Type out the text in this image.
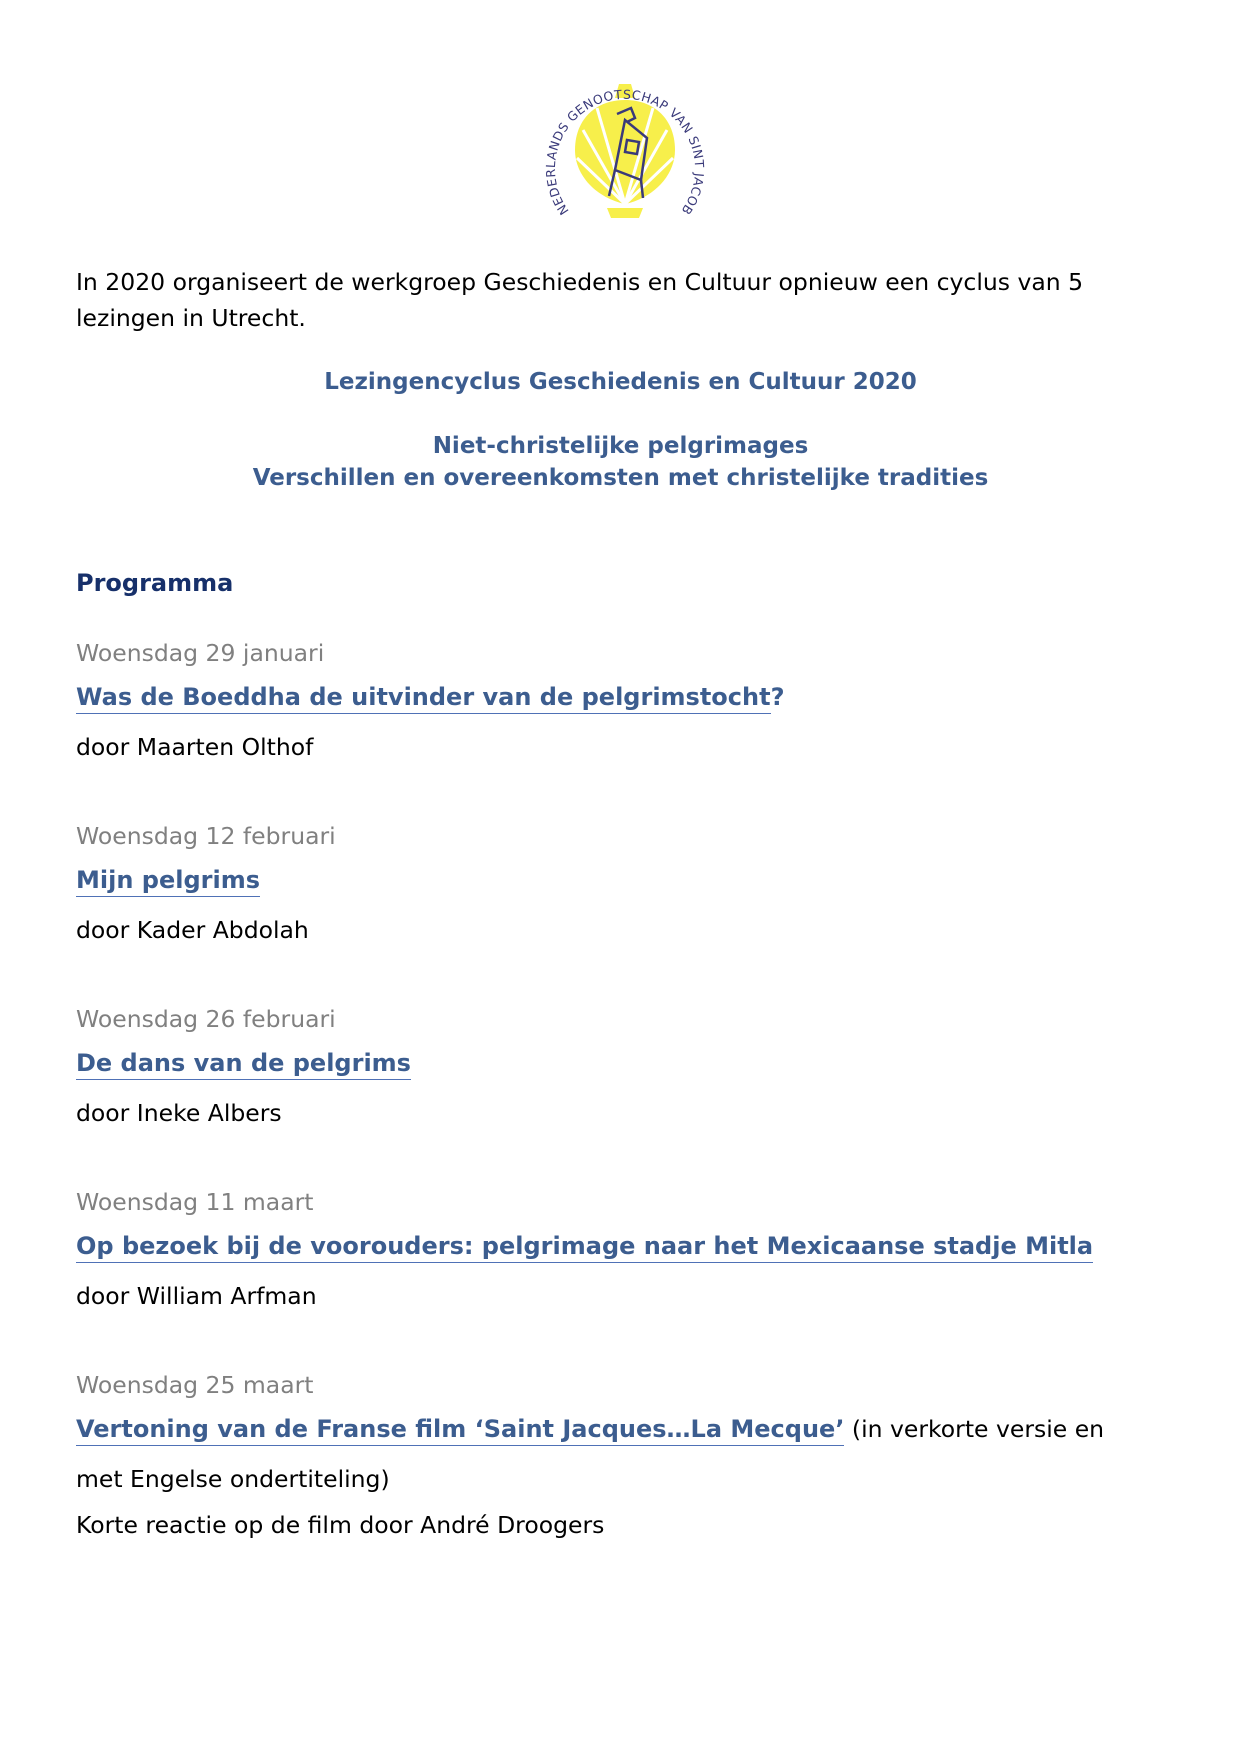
NEDERLANDS GENOOTSCHAP VAN SINT JACOB

In 2020 organiseert de werkgroep Geschiedenis en Cultuur opnieuw een cyclus van 5 lezingen in Utrecht.

Lezingencyclus Geschiedenis en Cultuur 2020

Niet-christelijke pelgrimages

Verschillen en overeenkomsten met christelijke tradities

Programma

Woensdag 29 januari

Was de Boeddha de uitvinder van de pelgrimstocht?

door Maarten Olthof

Woensdag 12 februari

Mijn pelgrims

door Kader Abdolah

Woensdag 26 februari

De dans van de pelgrims

door Ineke Albers

Woensdag 11 maart

Op bezoek bij de voorouders: pelgrimage naar het Mexicaanse stadje Mitla

door William Arfman

Woensdag 25 maart

Vertoning van de Franse film ‘Saint Jacques…La Mecque’ (in verkorte versie en

met Engelse ondertiteling)

Korte reactie op de film door André Droogers
